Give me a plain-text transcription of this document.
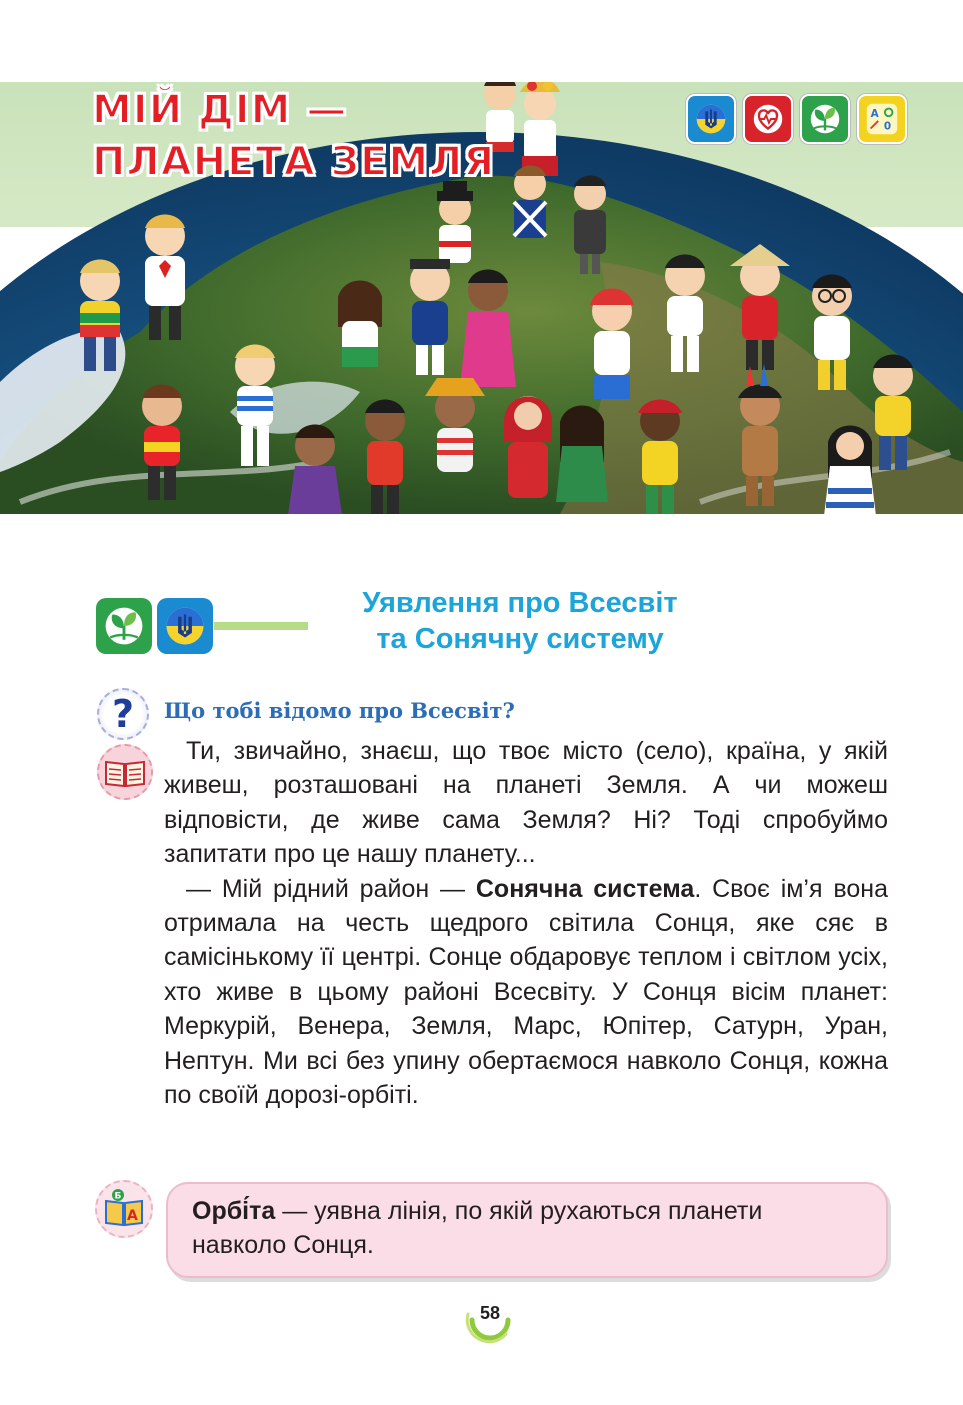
МІЙ ДІМ —
ПЛАНЕТА ЗЕМЛЯ
А
0
Уявлення про Всесвіт
та Сонячну систему
?
Б
А

Що тобі відомо про Всесвіт?

Ти, звичайно, знаєш, що твоє місто (село), країна, у якій живеш, розташовані на планеті Земля. А чи можеш відповісти, де живе сама Земля? Ні? Тоді спробуймо запитати про це нашу планету...

— Мій рідний район — Сонячна система. Своє ім’я вона отримала на честь щедрого світила Сонця, яке сяє в самісінькому її центрі. Сонце обдаровує теплом і світлом усіх, хто живе в цьому районі Всесвіту. У Сонця вісім планет: Меркурій, Венера, Земля, Марс, Юпітер, Сатурн, Уран, Нептун. Ми всі без упину обертаємося навколо Сонця, кожна по своїй дорозі-орбіті.

Орбі́та — уявна лінія, по якій рухаються планети навколо Сонця.
58
